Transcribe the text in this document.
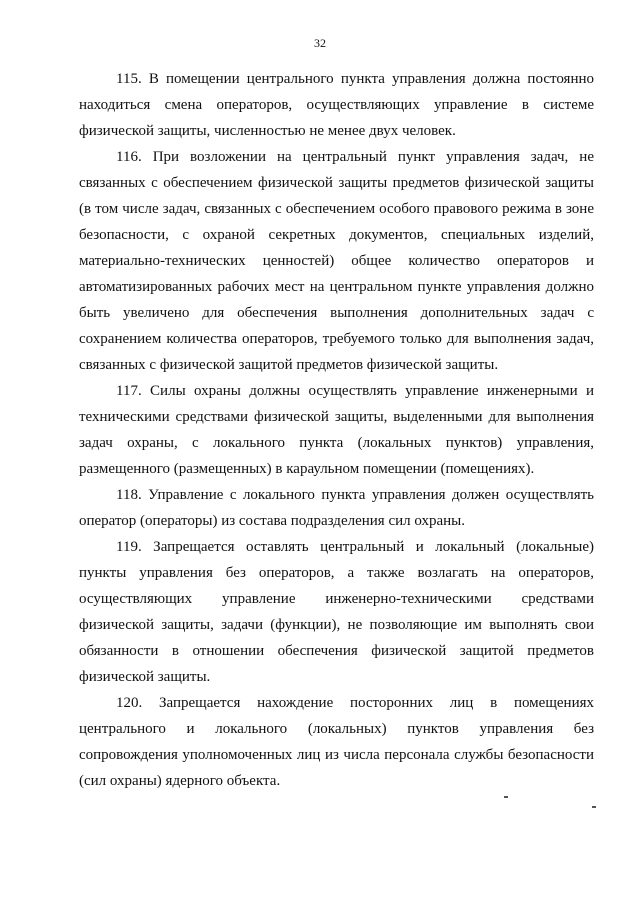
32

115. В помещении центрального пункта управления должна постоянно находиться смена операторов, осуществляющих управление в системе физической защиты, численностью не менее двух человек.

116. При возложении на центральный пункт управления задач, не связанных с обеспечением физической защиты предметов физической защиты (в том числе задач, связанных с обеспечением особого правового режима в зоне безопасности, с охраной секретных документов, специальных изделий, материально-технических ценностей) общее количество операторов и автоматизированных рабочих мест на центральном пункте управления должно быть увеличено для обеспечения выполнения дополнительных задач с сохранением количества операторов, требуемого только для выполнения задач, связанных с физической защитой предметов физической защиты.

117. Силы охраны должны осуществлять управление инженерными и техническими средствами физической защиты, выделенными для выполнения задач охраны, с локального пункта (локальных пунктов) управления, размещенного (размещенных) в караульном помещении (помещениях).

118. Управление с локального пункта управления должен осуществлять оператор (операторы) из состава подразделения сил охраны.

119. Запрещается оставлять центральный и локальный (локальные) пункты управления без операторов, а также возлагать на операторов, осуществляющих управление инженерно-техническими средствами физической защиты, задачи (функции), не позволяющие им выполнять свои обязанности в отношении обеспечения физической защитой предметов физической защиты.

120. Запрещается нахождение посторонних лиц в помещениях центрального и локального (локальных) пунктов управления без сопровождения уполномоченных лиц из числа персонала службы безопасности (сил охраны) ядерного объекта.
